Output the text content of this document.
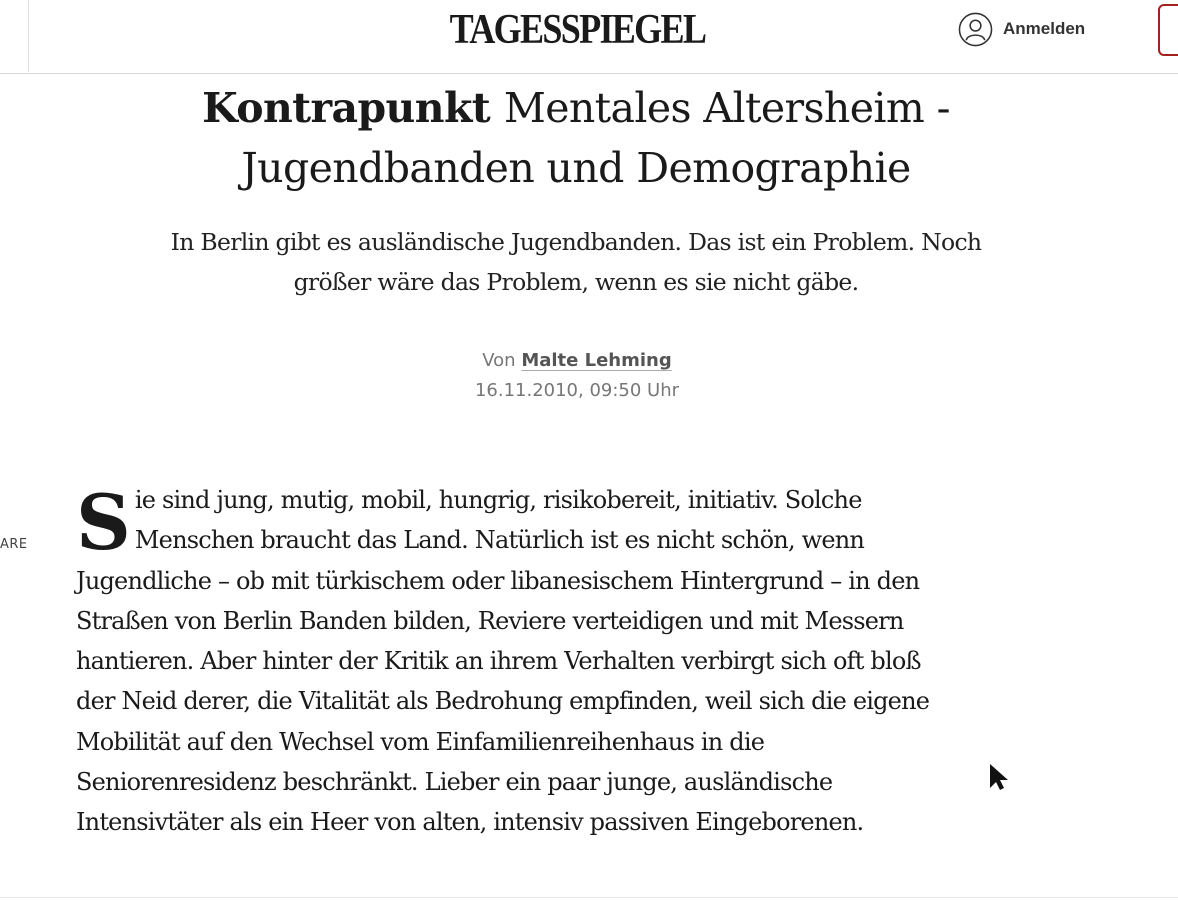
TAGESSPIEGEL	Anmelden
Kontrapunkt Mentales Altersheim - Jugendbanden und Demographie

In Berlin gibt es ausländische Jugendbanden. Das ist ein Problem. Noch größer wäre das Problem, wenn es sie nicht gäbe.

Von Malte Lehming
16.11.2010, 09:50 Uhr
ARE Sie sind jung, mutig, mobil, hungrig, risikobereit, initiativ. Solche Menschen braucht das Land. Natürlich ist es nicht schön, wenn Jugendliche – ob mit türkischem oder libanesischem Hintergrund – in den Straßen von Berlin Banden bilden, Reviere verteidigen und mit Messern hantieren. Aber hinter der Kritik an ihrem Verhalten verbirgt sich oft bloß der Neid derer, die Vitalität als Bedrohung empfinden, weil sich die eigene Mobilität auf den Wechsel vom Einfamilienreihenhaus in die Seniorenresidenz beschränkt. Lieber ein paar junge, ausländische Intensivtäter als ein Heer von alten, intensiv passiven Eingeborenen.
